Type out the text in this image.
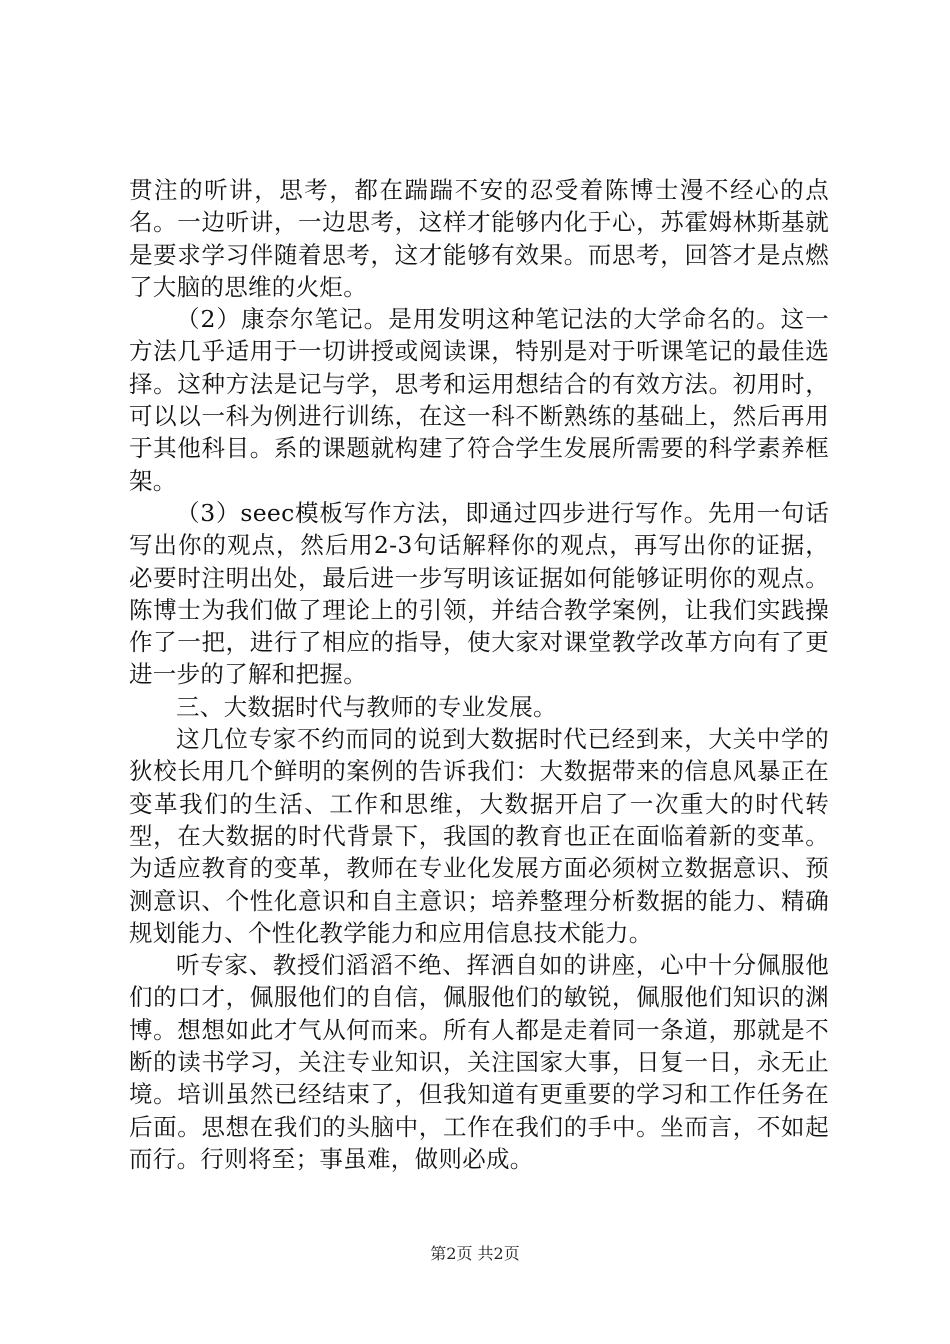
贯注的听讲，思考，都在踹踹不安的忍受着陈博士漫不经心的点名。一边听讲，一边思考，这样才能够内化于心，苏霍姆林斯基就是要求学习伴随着思考，这才能够有效果。而思考，回答才是点燃了大脑的思维的火炬。

（2）康奈尔笔记。是用发明这种笔记法的大学命名的。这一方法几乎适用于一切讲授或阅读课，特别是对于听课笔记的最佳选择。这种方法是记与学，思考和运用想结合的有效方法。初用时，可以以一科为例进行训练，在这一科不断熟练的基础上，然后再用于其他科目。系的课题就构建了符合学生发展所需要的科学素养框架。

（3）seec模板写作方法，即通过四步进行写作。先用一句话写出你的观点，然后用2-3句话解释你的观点，再写出你的证据，必要时注明出处，最后进一步写明该证据如何能够证明你的观点。陈博士为我们做了理论上的引领，并结合教学案例，让我们实践操作了一把，进行了相应的指导，使大家对课堂教学改革方向有了更进一步的了解和把握。

三、大数据时代与教师的专业发展。

这几位专家不约而同的说到大数据时代已经到来，大关中学的狄校长用几个鲜明的案例的告诉我们：大数据带来的信息风暴正在变革我们的生活、工作和思维，大数据开启了一次重大的时代转型，在大数据的时代背景下，我国的教育也正在面临着新的变革。为适应教育的变革，教师在专业化发展方面必须树立数据意识、预测意识、个性化意识和自主意识；培养整理分析数据的能力、精确规划能力、个性化教学能力和应用信息技术能力。

听专家、教授们滔滔不绝、挥洒自如的讲座，心中十分佩服他们的口才，佩服他们的自信，佩服他们的敏锐，佩服他们知识的渊博。想想如此才气从何而来。所有人都是走着同一条道，那就是不断的读书学习，关注专业知识，关注国家大事，日复一日，永无止境。培训虽然已经结束了，但我知道有更重要的学习和工作任务在后面。思想在我们的头脑中，工作在我们的手中。坐而言，不如起而行。行则将至；事虽难，做则必成。

第2页 共2页
